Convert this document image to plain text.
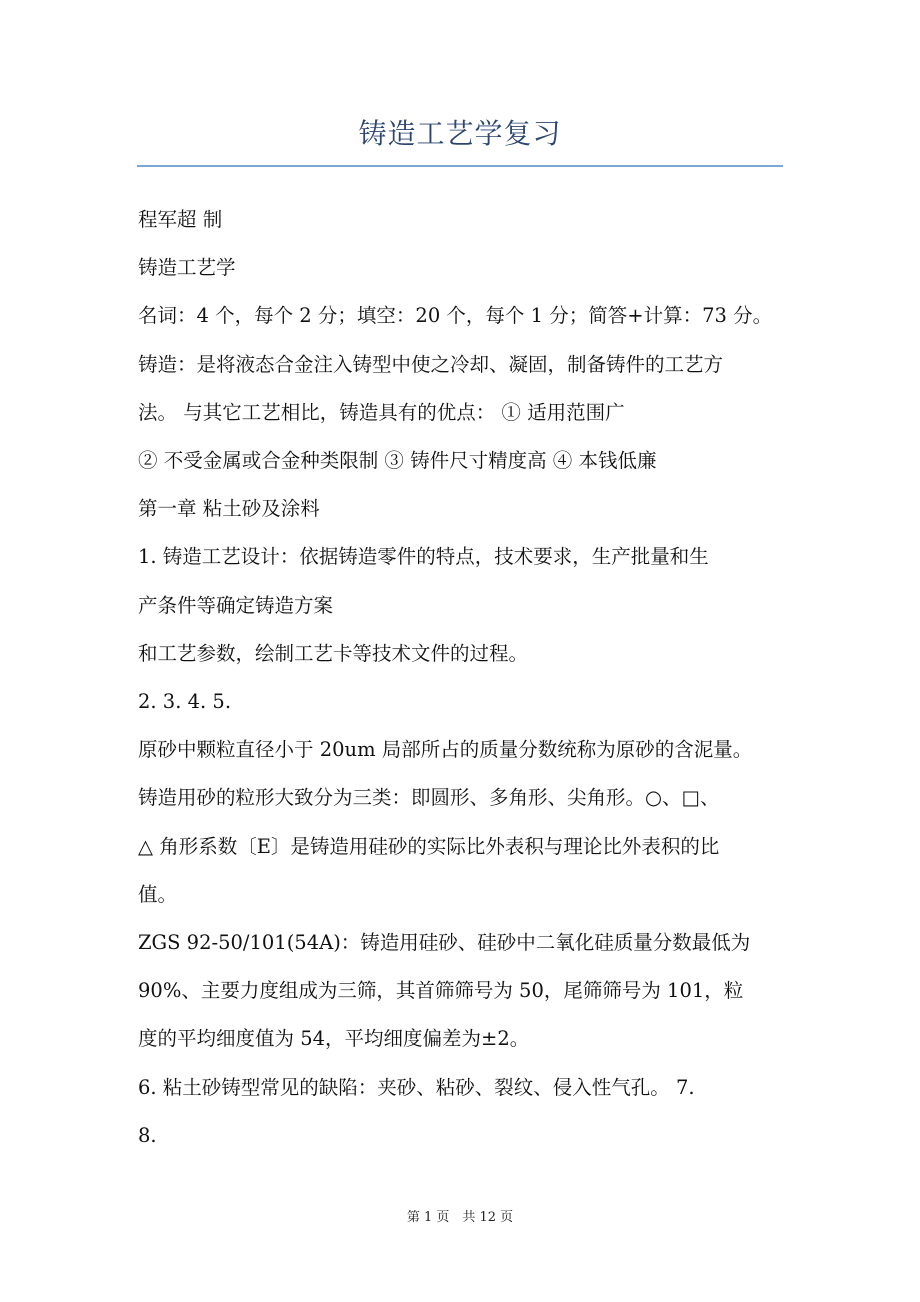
铸造工艺学复习
程军超 制
铸造工艺学
名词：4 个，每个 2 分；填空：20 个，每个 1 分；简答+计算：73 分。
铸造：是将液态合金注入铸型中使之冷却、凝固，制备铸件的工艺方
法。 与其它工艺相比，铸造具有的优点： ① 适用范围广
② 不受金属或合金种类限制 ③ 铸件尺寸精度高 ④ 本钱低廉
第一章 粘土砂及涂料
1. 铸造工艺设计：依据铸造零件的特点，技术要求，生产批量和生
产条件等确定铸造方案
和工艺参数，绘制工艺卡等技术文件的过程。
2. 3. 4. 5.
原砂中颗粒直径小于 20um 局部所占的质量分数统称为原砂的含泥量。
铸造用砂的粒形大致分为三类：即圆形、多角形、尖角形。○、□、
△ 角形系数〔E〕是铸造用硅砂的实际比外表积与理论比外表积的比
值。
ZGS 92-50/101(54A)：铸造用硅砂、硅砂中二氧化硅质量分数最低为
90%、主要力度组成为三筛，其首筛筛号为 50，尾筛筛号为 101，粒
度的平均细度值为 54，平均细度偏差为±2。
6. 粘土砂铸型常见的缺陷：夹砂、粘砂、裂纹、侵入性气孔。 7.
8.
第 1 页　共 12 页
